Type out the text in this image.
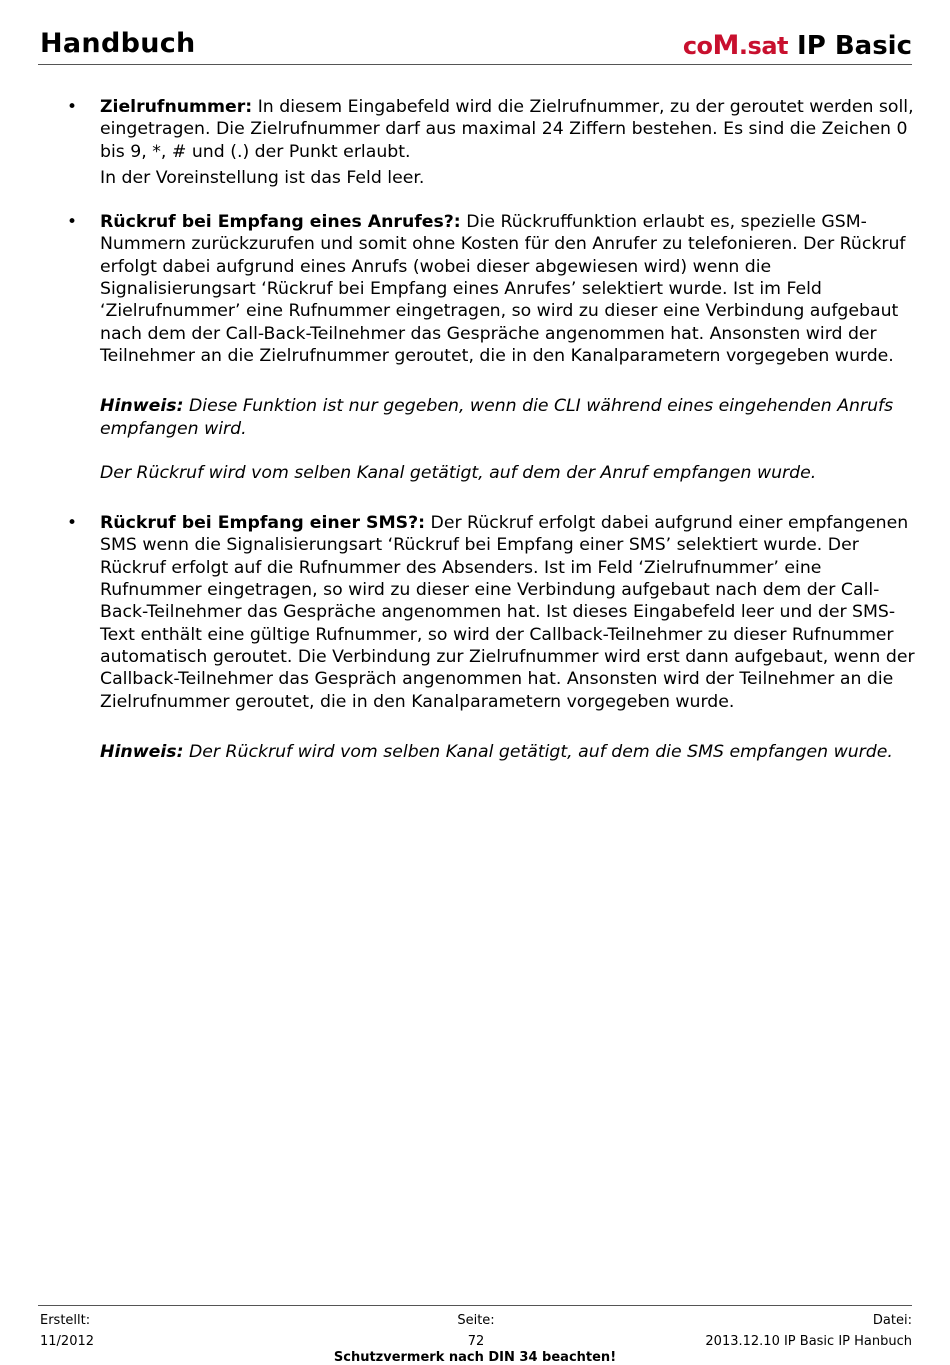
Handbuch	coM.sat IP Basic
• Zielrufnummer: In diesem Eingabefeld wird die Zielrufnummer, zu der geroutet werden soll, eingetragen. Die Zielrufnummer darf aus maximal 24 Ziffern bestehen. Es sind die Zeichen 0 bis 9, *, # und (.) der Punkt erlaubt.

In der Voreinstellung ist das Feld leer.

• Rückruf bei Empfang eines Anrufes?: Die Rückruffunktion erlaubt es, spezielle GSM-Nummern zurückzurufen und somit ohne Kosten für den Anrufer zu telefonieren. Der Rückruf erfolgt dabei aufgrund eines Anrufs (wobei dieser abgewiesen wird) wenn die Signalisierungsart ‘Rückruf bei Empfang eines Anrufes’ selektiert wurde. Ist im Feld ‘Zielrufnummer’ eine Rufnummer eingetragen, so wird zu dieser eine Verbindung aufgebaut nach dem der Call-Back-Teilnehmer das Gespräche angenommen hat. Ansonsten wird der Teilnehmer an die Zielrufnummer geroutet, die in den Kanalparametern vorgegeben wurde.

Hinweis: Diese Funktion ist nur gegeben, wenn die CLI während eines eingehenden Anrufs empfangen wird.

Der Rückruf wird vom selben Kanal getätigt, auf dem der Anruf empfangen wurde.

• Rückruf bei Empfang einer SMS?: Der Rückruf erfolgt dabei aufgrund einer empfangenen SMS wenn die Signalisierungsart ‘Rückruf bei Empfang einer SMS’ selektiert wurde. Der Rückruf erfolgt auf die Rufnummer des Absenders. Ist im Feld ‘Zielrufnummer’ eine Rufnummer eingetragen, so wird zu dieser eine Verbindung aufgebaut nach dem der Call-Back-Teilnehmer das Gespräche angenommen hat. Ist dieses Eingabefeld leer und der SMS-Text enthält eine gültige Rufnummer, so wird der Callback-Teilnehmer zu dieser Rufnummer automatisch geroutet. Die Verbindung zur Zielrufnummer wird erst dann aufgebaut, wenn der Callback-Teilnehmer das Gespräch angenommen hat. Ansonsten wird der Teilnehmer an die Zielrufnummer geroutet, die in den Kanalparametern vorgegeben wurde.

Hinweis: Der Rückruf wird vom selben Kanal getätigt, auf dem die SMS empfangen wurde.

Erstellt:
11/2012
Seite:
72
Datei:
2013.12.10 IP Basic IP Hanbuch
Schutzvermerk nach DIN 34 beachten!
